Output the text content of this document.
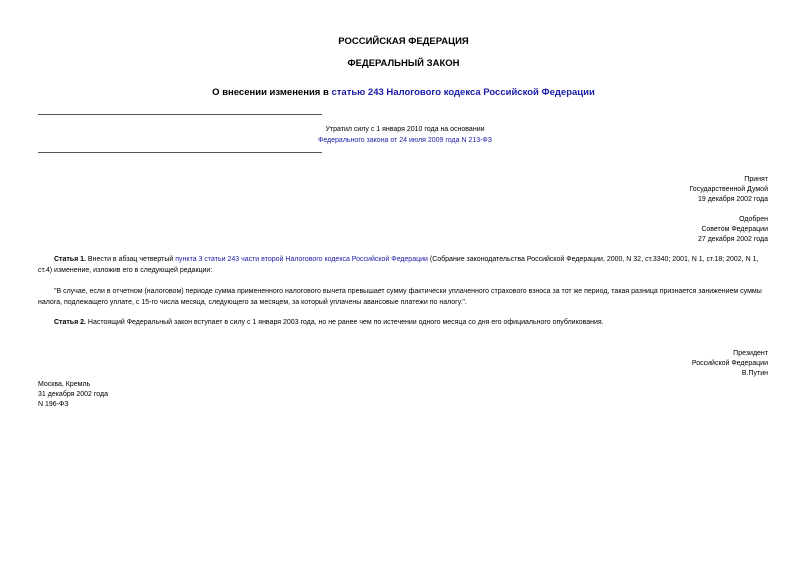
РОССИЙСКАЯ ФЕДЕРАЦИЯ
ФЕДЕРАЛЬНЫЙ ЗАКОН
О внесении изменения в статью 243 Налогового кодекса Российской Федерации
Утратил силу с 1 января 2010 года на основании
Федерального закона от 24 июля 2009 года N 213-ФЗ
Принят
Государственной Думой
19 декабря 2002 года
Одобрен
Советом Федерации
27 декабря 2002 года
Статья 1. Внести в абзац четвертый пункта 3 статьи 243 части второй Налогового кодекса Российской Федерации (Собрание законодательства Российской Федерации, 2000, N 32, ст.3340; 2001, N 1, ст.18; 2002, N 1, ст.4) изменение, изложив его в следующей редакции:
"В случае, если в отчетном (налоговом) периоде сумма примененного налогового вычета превышает сумму фактически уплаченного страхового взноса за тот же период, такая разница признается занижением суммы налога, подлежащего уплате, с 15-го числа месяца, следующего за месяцем, за который уплачены авансовые платежи по налогу.".
Статья 2. Настоящий Федеральный закон вступает в силу с 1 января 2003 года, но не ранее чем по истечении одного месяца со дня его официального опубликования.
Президент
Российской Федерации
В.Путин
Москва, Кремль
31 декабря 2002 года
N 196-ФЗ
